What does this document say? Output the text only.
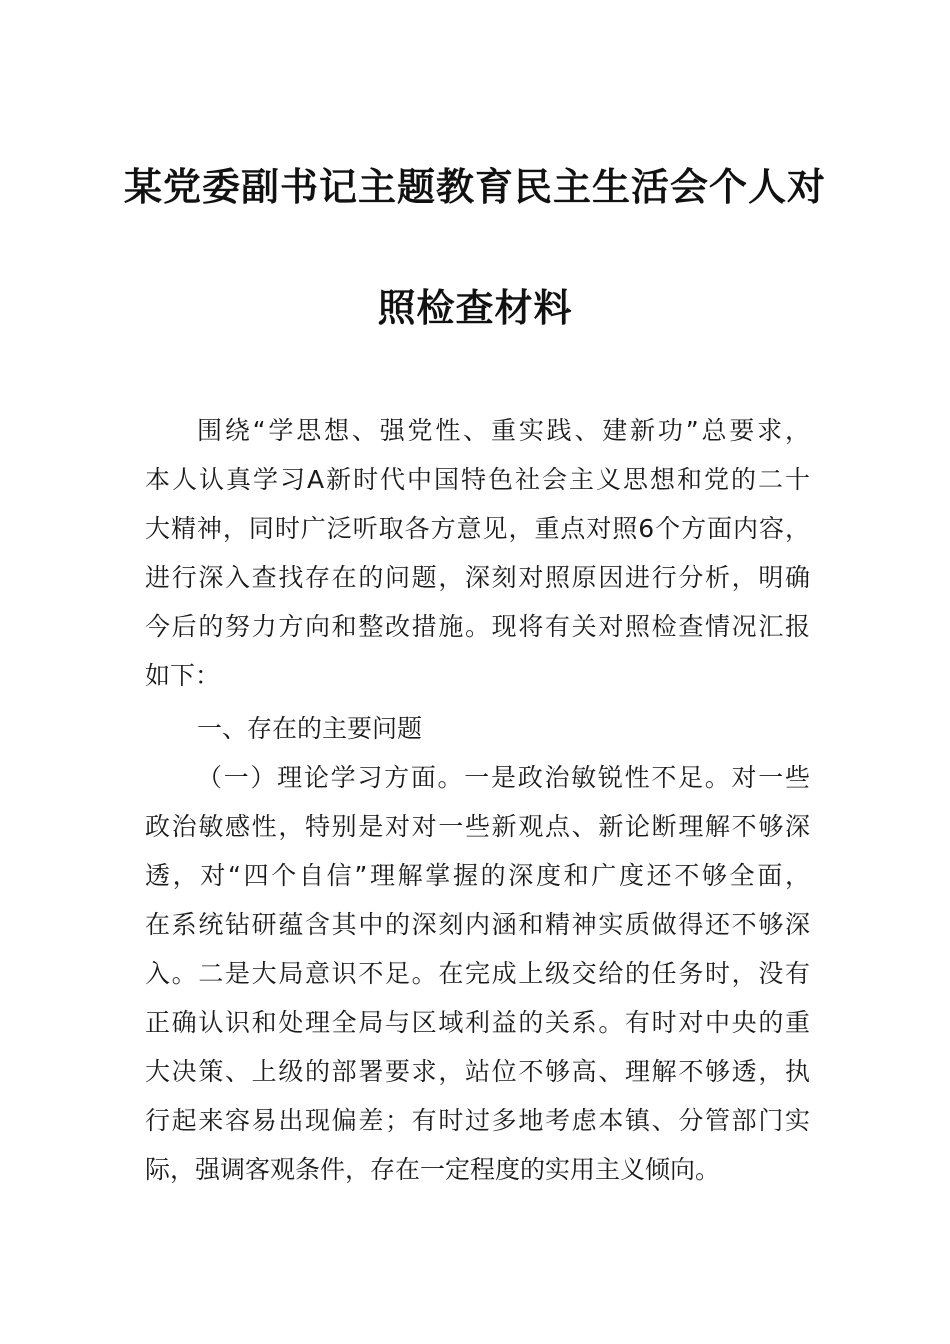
某党委副书记主题教育民主生活会个人对
照检查材料
围绕“学思想、强党性、重实践、建新功”总要求，
本人认真学习A新时代中国特色社会主义思想和党的二十
大精神，同时广泛听取各方意见，重点对照6个方面内容，
进行深入查找存在的问题，深刻对照原因进行分析，明确
今后的努力方向和整改措施。现将有关对照检查情况汇报
如下：
一、存在的主要问题
（一）理论学习方面。一是政治敏锐性不足。对一些
政治敏感性，特别是对对一些新观点、新论断理解不够深
透，对“四个自信”理解掌握的深度和广度还不够全面，
在系统钻研蕴含其中的深刻内涵和精神实质做得还不够深
入。二是大局意识不足。在完成上级交给的任务时，没有
正确认识和处理全局与区域利益的关系。有时对中央的重
大决策、上级的部署要求，站位不够高、理解不够透，执
行起来容易出现偏差；有时过多地考虑本镇、分管部门实
际，强调客观条件，存在一定程度的实用主义倾向。
